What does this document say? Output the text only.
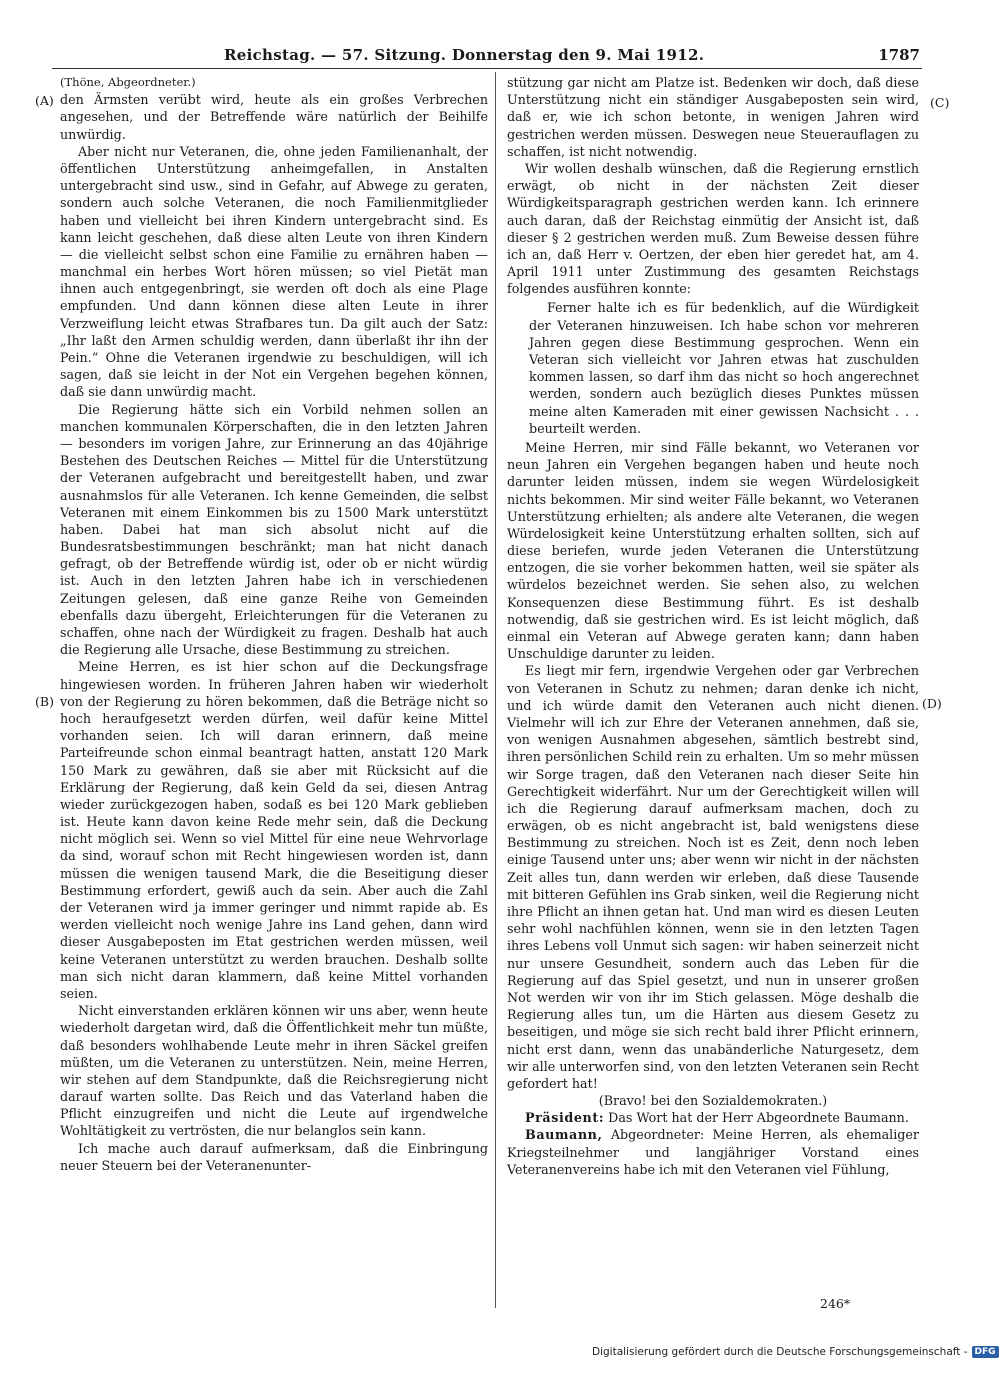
Reichstag. — 57. Sitzung. Donnerstag den 9. Mai 1912.	1787
(A)
(B)
(C)
(D)

(Thöne, Abgeordneter.)

den Ärmsten verübt wird, heute als ein großes Verbrechen angesehen, und der Betreffende wäre natürlich der Beihilfe unwürdig.

Aber nicht nur Veteranen, die, ohne jeden Familienanhalt, der öffentlichen Unterstützung anheimgefallen, in Anstalten untergebracht sind usw., sind in Gefahr, auf Abwege zu geraten, sondern auch solche Veteranen, die noch Familienmitglieder haben und vielleicht bei ihren Kindern untergebracht sind. Es kann leicht geschehen, daß diese alten Leute von ihren Kindern — die vielleicht selbst schon eine Familie zu ernähren haben — manchmal ein herbes Wort hören müssen; so viel Pietät man ihnen auch entgegenbringt, sie werden oft doch als eine Plage empfunden. Und dann können diese alten Leute in ihrer Verzweiflung leicht etwas Strafbares tun. Da gilt auch der Satz: „Ihr laßt den Armen schuldig werden, dann überlaßt ihr ihn der Pein.“ Ohne die Veteranen irgendwie zu beschuldigen, will ich sagen, daß sie leicht in der Not ein Vergehen begehen können, daß sie dann unwürdig macht.

Die Regierung hätte sich ein Vorbild nehmen sollen an manchen kommunalen Körperschaften, die in den letzten Jahren — besonders im vorigen Jahre, zur Erinnerung an das 40jährige Bestehen des Deutschen Reiches — Mittel für die Unterstützung der Veteranen aufgebracht und bereitgestellt haben, und zwar ausnahmslos für alle Veteranen. Ich kenne Gemeinden, die selbst Veteranen mit einem Einkommen bis zu 1500 Mark unterstützt haben. Dabei hat man sich absolut nicht auf die Bundesratsbestimmungen beschränkt; man hat nicht danach gefragt, ob der Betreffende würdig ist, oder ob er nicht würdig ist. Auch in den letzten Jahren habe ich in verschiedenen Zeitungen gelesen, daß eine ganze Reihe von Gemeinden ebenfalls dazu übergeht, Erleichterungen für die Veteranen zu schaffen, ohne nach der Würdigkeit zu fragen. Deshalb hat auch die Regierung alle Ursache, diese Bestimmung zu streichen.

Meine Herren, es ist hier schon auf die Deckungsfrage hingewiesen worden. In früheren Jahren haben wir wiederholt von der Regierung zu hören bekommen, daß die Beträge nicht so hoch heraufgesetzt werden dürfen, weil dafür keine Mittel vorhanden seien. Ich will daran erinnern, daß meine Parteifreunde schon einmal beantragt hatten, anstatt 120 Mark 150 Mark zu gewähren, daß sie aber mit Rücksicht auf die Erklärung der Regierung, daß kein Geld da sei, diesen Antrag wieder zurückgezogen haben, sodaß es bei 120 Mark geblieben ist. Heute kann davon keine Rede mehr sein, daß die Deckung nicht möglich sei. Wenn so viel Mittel für eine neue Wehrvorlage da sind, worauf schon mit Recht hingewiesen worden ist, dann müssen die wenigen tausend Mark, die die Beseitigung dieser Bestimmung erfordert, gewiß auch da sein. Aber auch die Zahl der Veteranen wird ja immer geringer und nimmt rapide ab. Es werden vielleicht noch wenige Jahre ins Land gehen, dann wird dieser Ausgabeposten im Etat gestrichen werden müssen, weil keine Veteranen unterstützt zu werden brauchen. Deshalb sollte man sich nicht daran klammern, daß keine Mittel vorhanden seien.

Nicht einverstanden erklären können wir uns aber, wenn heute wiederholt dargetan wird, daß die Öffentlichkeit mehr tun müßte, daß besonders wohlhabende Leute mehr in ihren Säckel greifen müßten, um die Veteranen zu unterstützen. Nein, meine Herren, wir stehen auf dem Standpunkte, daß die Reichsregierung nicht darauf warten sollte. Das Reich und das Vaterland haben die Pflicht einzugreifen und nicht die Leute auf irgendwelche Wohltätigkeit zu vertrösten, die nur belanglos sein kann.

Ich mache auch darauf aufmerksam, daß die Einbringung neuer Steuern bei der Veteranenunter-

stützung gar nicht am Platze ist. Bedenken wir doch, daß diese Unterstützung nicht ein ständiger Ausgabeposten sein wird, daß er, wie ich schon betonte, in wenigen Jahren wird gestrichen werden müssen. Deswegen neue Steuerauflagen zu schaffen, ist nicht notwendig.

Wir wollen deshalb wünschen, daß die Regierung ernstlich erwägt, ob nicht in der nächsten Zeit dieser Würdigkeitsparagraph gestrichen werden kann. Ich erinnere auch daran, daß der Reichstag einmütig der Ansicht ist, daß dieser § 2 gestrichen werden muß. Zum Beweise dessen führe ich an, daß Herr v. Oertzen, der eben hier geredet hat, am 4. April 1911 unter Zustimmung des gesamten Reichstags folgendes ausführen konnte:

Ferner halte ich es für bedenklich, auf die Würdigkeit der Veteranen hinzuweisen. Ich habe schon vor mehreren Jahren gegen diese Bestimmung gesprochen. Wenn ein Veteran sich vielleicht vor Jahren etwas hat zuschulden kommen lassen, so darf ihm das nicht so hoch angerechnet werden, sondern auch bezüglich dieses Punktes müssen meine alten Kameraden mit einer gewissen Nachsicht . . . beurteilt werden.

Meine Herren, mir sind Fälle bekannt, wo Veteranen vor neun Jahren ein Vergehen begangen haben und heute noch darunter leiden müssen, indem sie wegen Würdelosigkeit nichts bekommen. Mir sind weiter Fälle bekannt, wo Veteranen Unterstützung erhielten; als andere alte Veteranen, die wegen Würdelosigkeit keine Unterstützung erhalten sollten, sich auf diese beriefen, wurde jeden Veteranen die Unterstützung entzogen, die sie vorher bekommen hatten, weil sie später als würdelos bezeichnet werden. Sie sehen also, zu welchen Konsequenzen diese Bestimmung führt. Es ist deshalb notwendig, daß sie gestrichen wird. Es ist leicht möglich, daß einmal ein Veteran auf Abwege geraten kann; dann haben Unschuldige darunter zu leiden.

Es liegt mir fern, irgendwie Vergehen oder gar Verbrechen von Veteranen in Schutz zu nehmen; daran denke ich nicht, und ich würde damit den Veteranen auch nicht dienen. Vielmehr will ich zur Ehre der Veteranen annehmen, daß sie, von wenigen Ausnahmen abgesehen, sämtlich bestrebt sind, ihren persönlichen Schild rein zu erhalten. Um so mehr müssen wir Sorge tragen, daß den Veteranen nach dieser Seite hin Gerechtigkeit widerfährt. Nur um der Gerechtigkeit willen will ich die Regierung darauf aufmerksam machen, doch zu erwägen, ob es nicht angebracht ist, bald wenigstens diese Bestimmung zu streichen. Noch ist es Zeit, denn noch leben einige Tausend unter uns; aber wenn wir nicht in der nächsten Zeit alles tun, dann werden wir erleben, daß diese Tausende mit bitteren Gefühlen ins Grab sinken, weil die Regierung nicht ihre Pflicht an ihnen getan hat. Und man wird es diesen Leuten sehr wohl nachfühlen können, wenn sie in den letzten Tagen ihres Lebens voll Unmut sich sagen: wir haben seinerzeit nicht nur unsere Gesundheit, sondern auch das Leben für die Regierung auf das Spiel gesetzt, und nun in unserer großen Not werden wir von ihr im Stich gelassen. Möge deshalb die Regierung alles tun, um die Härten aus diesem Gesetz zu beseitigen, und möge sie sich recht bald ihrer Pflicht erinnern, nicht erst dann, wenn das unabänderliche Naturgesetz, dem wir alle unterworfen sind, von den letzten Veteranen sein Recht gefordert hat!

(Bravo! bei den Sozialdemokraten.)

Präsident: Das Wort hat der Herr Abgeordnete Baumann.

Baumann, Abgeordneter: Meine Herren, als ehemaliger Kriegsteilnehmer und langjähriger Vorstand eines Veteranenvereins habe ich mit den Veteranen viel Fühlung,

246*
Digitalisierung gefördert durch die Deutsche Forschungsgemeinschaft - DFG
